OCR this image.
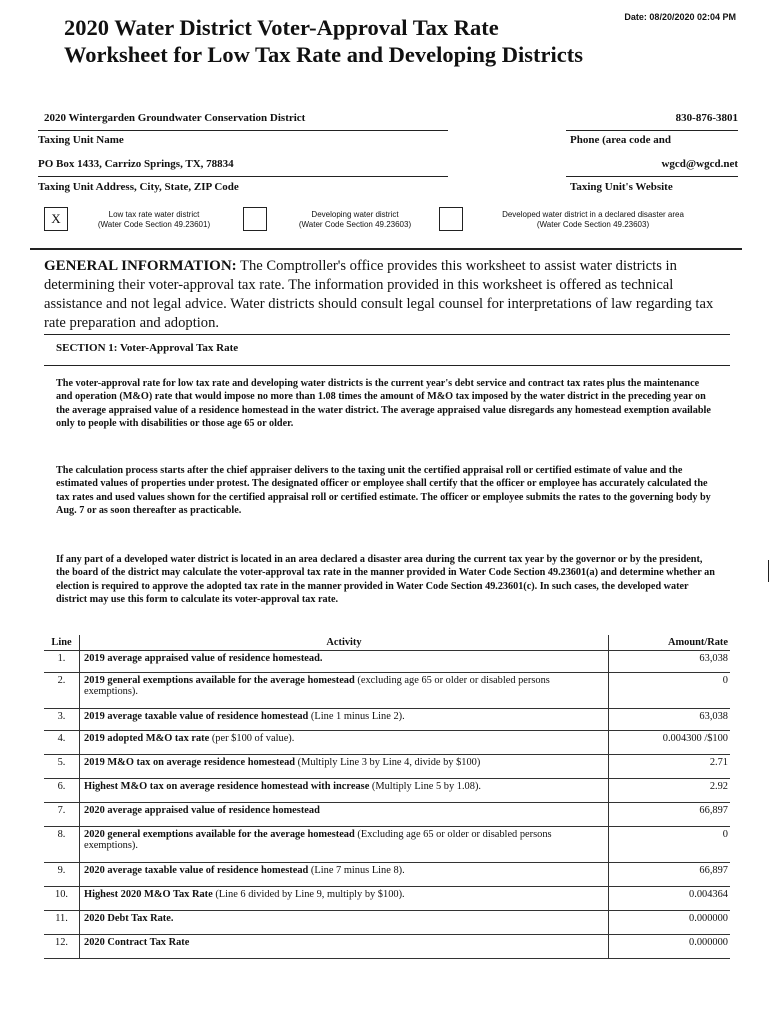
2020 Water District Voter-Approval Tax Rate Worksheet for Low Tax Rate and Developing Districts
Date: 08/20/2020 02:04 PM
2020 Wintergarden Groundwater Conservation District	830-876-3801
Taxing Unit Name	Phone (area code and
PO Box 1433, Carrizo Springs, TX, 78834	wgcd@wgcd.net
Taxing Unit Address, City, State, ZIP Code	Taxing Unit's Website
X	Low tax rate water district
(Water Code Section 49.23601)
Developing water district
(Water Code Section 49.23603)
Developed water district in a declared disaster area
(Water Code Section 49.23603)
GENERAL INFORMATION: The Comptroller's office provides this worksheet to assist water districts in determining their voter-approval tax rate. The information provided in this worksheet is offered as technical assistance and not legal advice. Water districts should consult legal counsel for interpretations of law regarding tax rate preparation and adoption.
SECTION 1: Voter-Approval Tax Rate
The voter-approval rate for low tax rate and developing water districts is the current year's debt service and contract tax rates plus the maintenance and operation (M&O) rate that would impose no more than 1.08 times the amount of M&O tax imposed by the water district in the preceding year on the average appraised value of a residence homestead in the water district. The average appraised value disregards any homestead exemption available only to people with disabilities or those age 65 or older.
The calculation process starts after the chief appraiser delivers to the taxing unit the certified appraisal roll or certified estimate of value and the estimated values of properties under protest. The designated officer or employee shall certify that the officer or employee has accurately calculated the tax rates and used values shown for the certified appraisal roll or certified estimate. The officer or employee submits the rates to the governing body by Aug. 7 or as soon thereafter as practicable.
If any part of a developed water district is located in an area declared a disaster area during the current tax year by the governor or by the president, the board of the district may calculate the voter-approval tax rate in the manner provided in Water Code Section 49.23601(a) and determine whether an election is required to approve the adopted tax rate in the manner provided in Water Code Section 49.23601(c). In such cases, the developed water district may use this form to calculate its voter-approval tax rate.
Line	Activity	Amount/Rate
1.	2019 average appraised value of residence homestead.	63,038
2.	2019 general exemptions available for the average homestead (excluding age 65 or older or disabled persons exemptions).	0
3.	2019 average taxable value of residence homestead (Line 1 minus Line 2).	63,038
4.	2019 adopted M&O tax rate (per $100 of value).	0.004300 /$100
5.	2019 M&O tax on average residence homestead (Multiply Line 3 by Line 4, divide by $100)	2.71
6.	Highest M&O tax on average residence homestead with increase (Multiply Line 5 by 1.08).	2.92
7.	2020 average appraised value of residence homestead	66,897
8.	2020 general exemptions available for the average homestead (Excluding age 65 or older or disabled persons exemptions).	0
9.	2020 average taxable value of residence homestead (Line 7 minus Line 8).	66,897
10.	Highest 2020 M&O Tax Rate (Line 6 divided by Line 9, multiply by $100).	0.004364
11.	2020 Debt Tax Rate.	0.000000
12.	2020 Contract Tax Rate	0.000000
